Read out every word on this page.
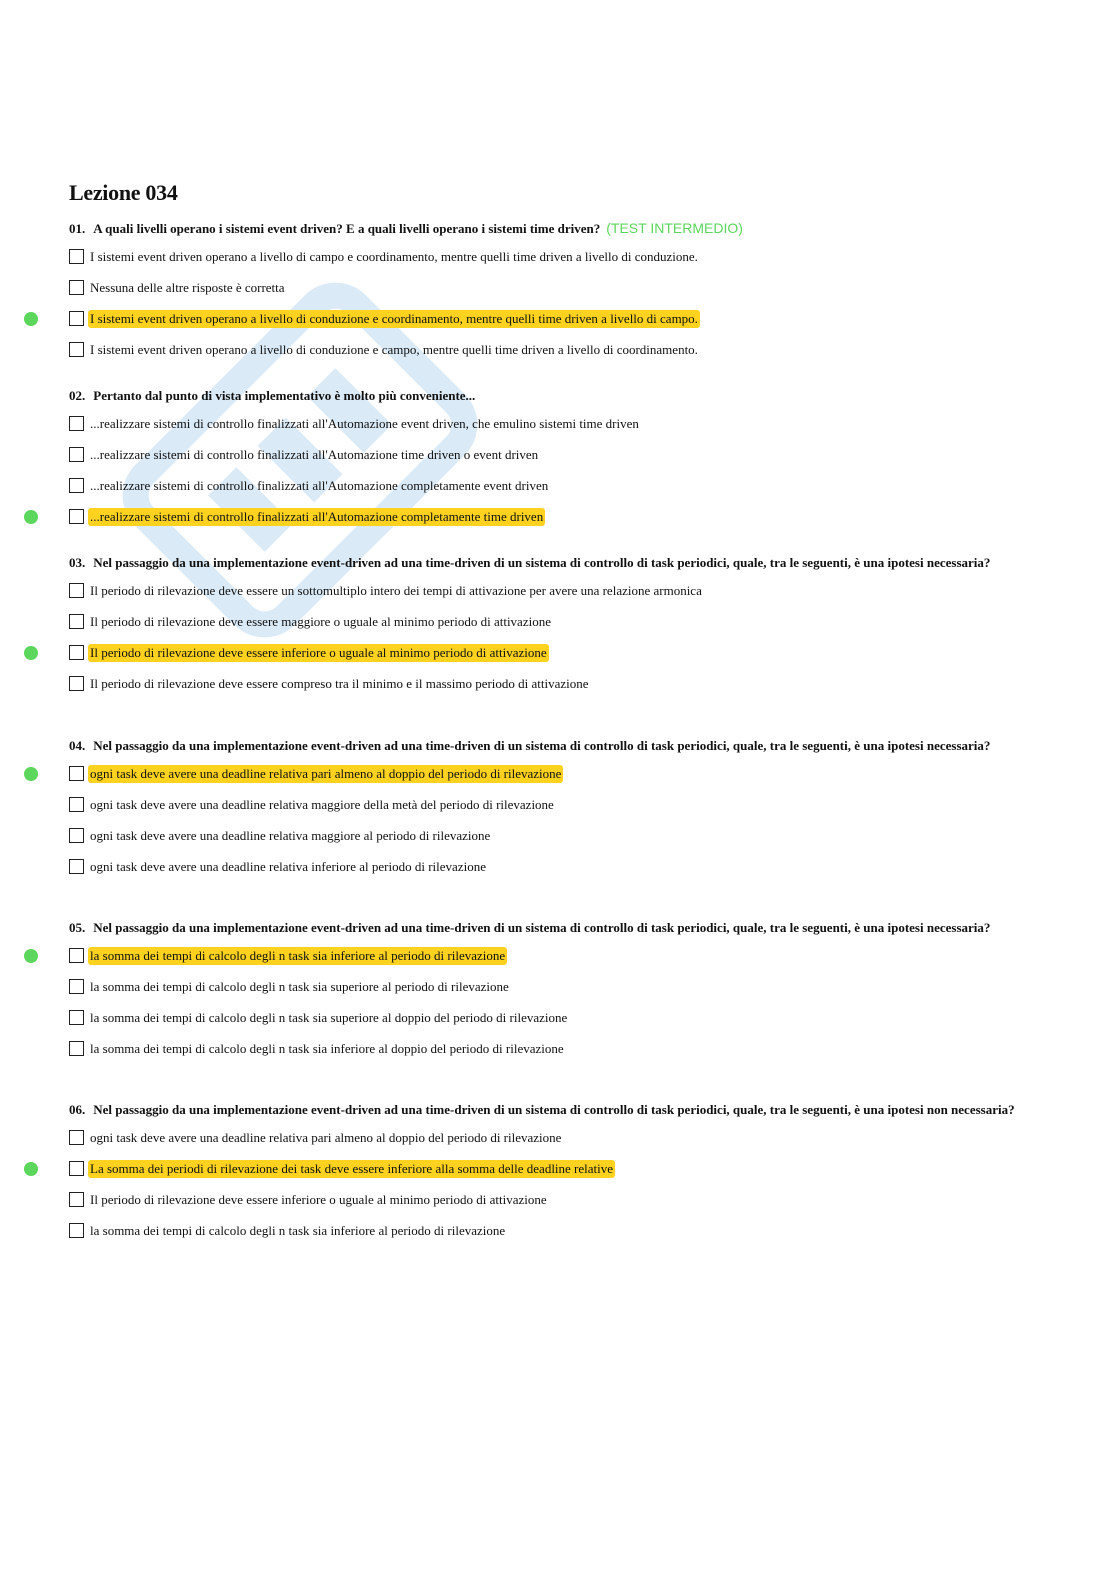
Lezione 034

01. A quali livelli operano i sistemi event driven? E a quali livelli operano i sistemi time driven? (TEST INTERMEDIO)

I sistemi event driven operano a livello di campo e coordinamento, mentre quelli time driven a livello di conduzione.
Nessuna delle altre risposte è corretta
I sistemi event driven operano a livello di conduzione e coordinamento, mentre quelli time driven a livello di campo.
I sistemi event driven operano a livello di conduzione e campo, mentre quelli time driven a livello di coordinamento.

02. Pertanto dal punto di vista implementativo è molto più conveniente...

...realizzare sistemi di controllo finalizzati all'Automazione event driven, che emulino sistemi time driven
...realizzare sistemi di controllo finalizzati all'Automazione time driven o event driven
...realizzare sistemi di controllo finalizzati all'Automazione completamente event driven
...realizzare sistemi di controllo finalizzati all'Automazione completamente time driven

03. Nel passaggio da una implementazione event-driven ad una time-driven di un sistema di controllo di task periodici, quale, tra le seguenti, è una ipotesi necessaria?

Il periodo di rilevazione deve essere un sottomultiplo intero dei tempi di attivazione per avere una relazione armonica
Il periodo di rilevazione deve essere maggiore o uguale al minimo periodo di attivazione
Il periodo di rilevazione deve essere inferiore o uguale al minimo periodo di attivazione
Il periodo di rilevazione deve essere compreso tra il minimo e il massimo periodo di attivazione

04. Nel passaggio da una implementazione event-driven ad una time-driven di un sistema di controllo di task periodici, quale, tra le seguenti, è una ipotesi necessaria?

ogni task deve avere una deadline relativa pari almeno al doppio del periodo di rilevazione
ogni task deve avere una deadline relativa maggiore della metà del periodo di rilevazione
ogni task deve avere una deadline relativa maggiore al periodo di rilevazione
ogni task deve avere una deadline relativa inferiore al periodo di rilevazione

05. Nel passaggio da una implementazione event-driven ad una time-driven di un sistema di controllo di task periodici, quale, tra le seguenti, è una ipotesi necessaria?

la somma dei tempi di calcolo degli n task sia inferiore al periodo di rilevazione
la somma dei tempi di calcolo degli n task sia superiore al periodo di rilevazione
la somma dei tempi di calcolo degli n task sia superiore al doppio del periodo di rilevazione
la somma dei tempi di calcolo degli n task sia inferiore al doppio del periodo di rilevazione

06. Nel passaggio da una implementazione event-driven ad una time-driven di un sistema di controllo di task periodici, quale, tra le seguenti, è una ipotesi non necessaria?

ogni task deve avere una deadline relativa pari almeno al doppio del periodo di rilevazione
La somma dei periodi di rilevazione dei task deve essere inferiore alla somma delle deadline relative
Il periodo di rilevazione deve essere inferiore o uguale al minimo periodo di attivazione
la somma dei tempi di calcolo degli n task sia inferiore al periodo di rilevazione
